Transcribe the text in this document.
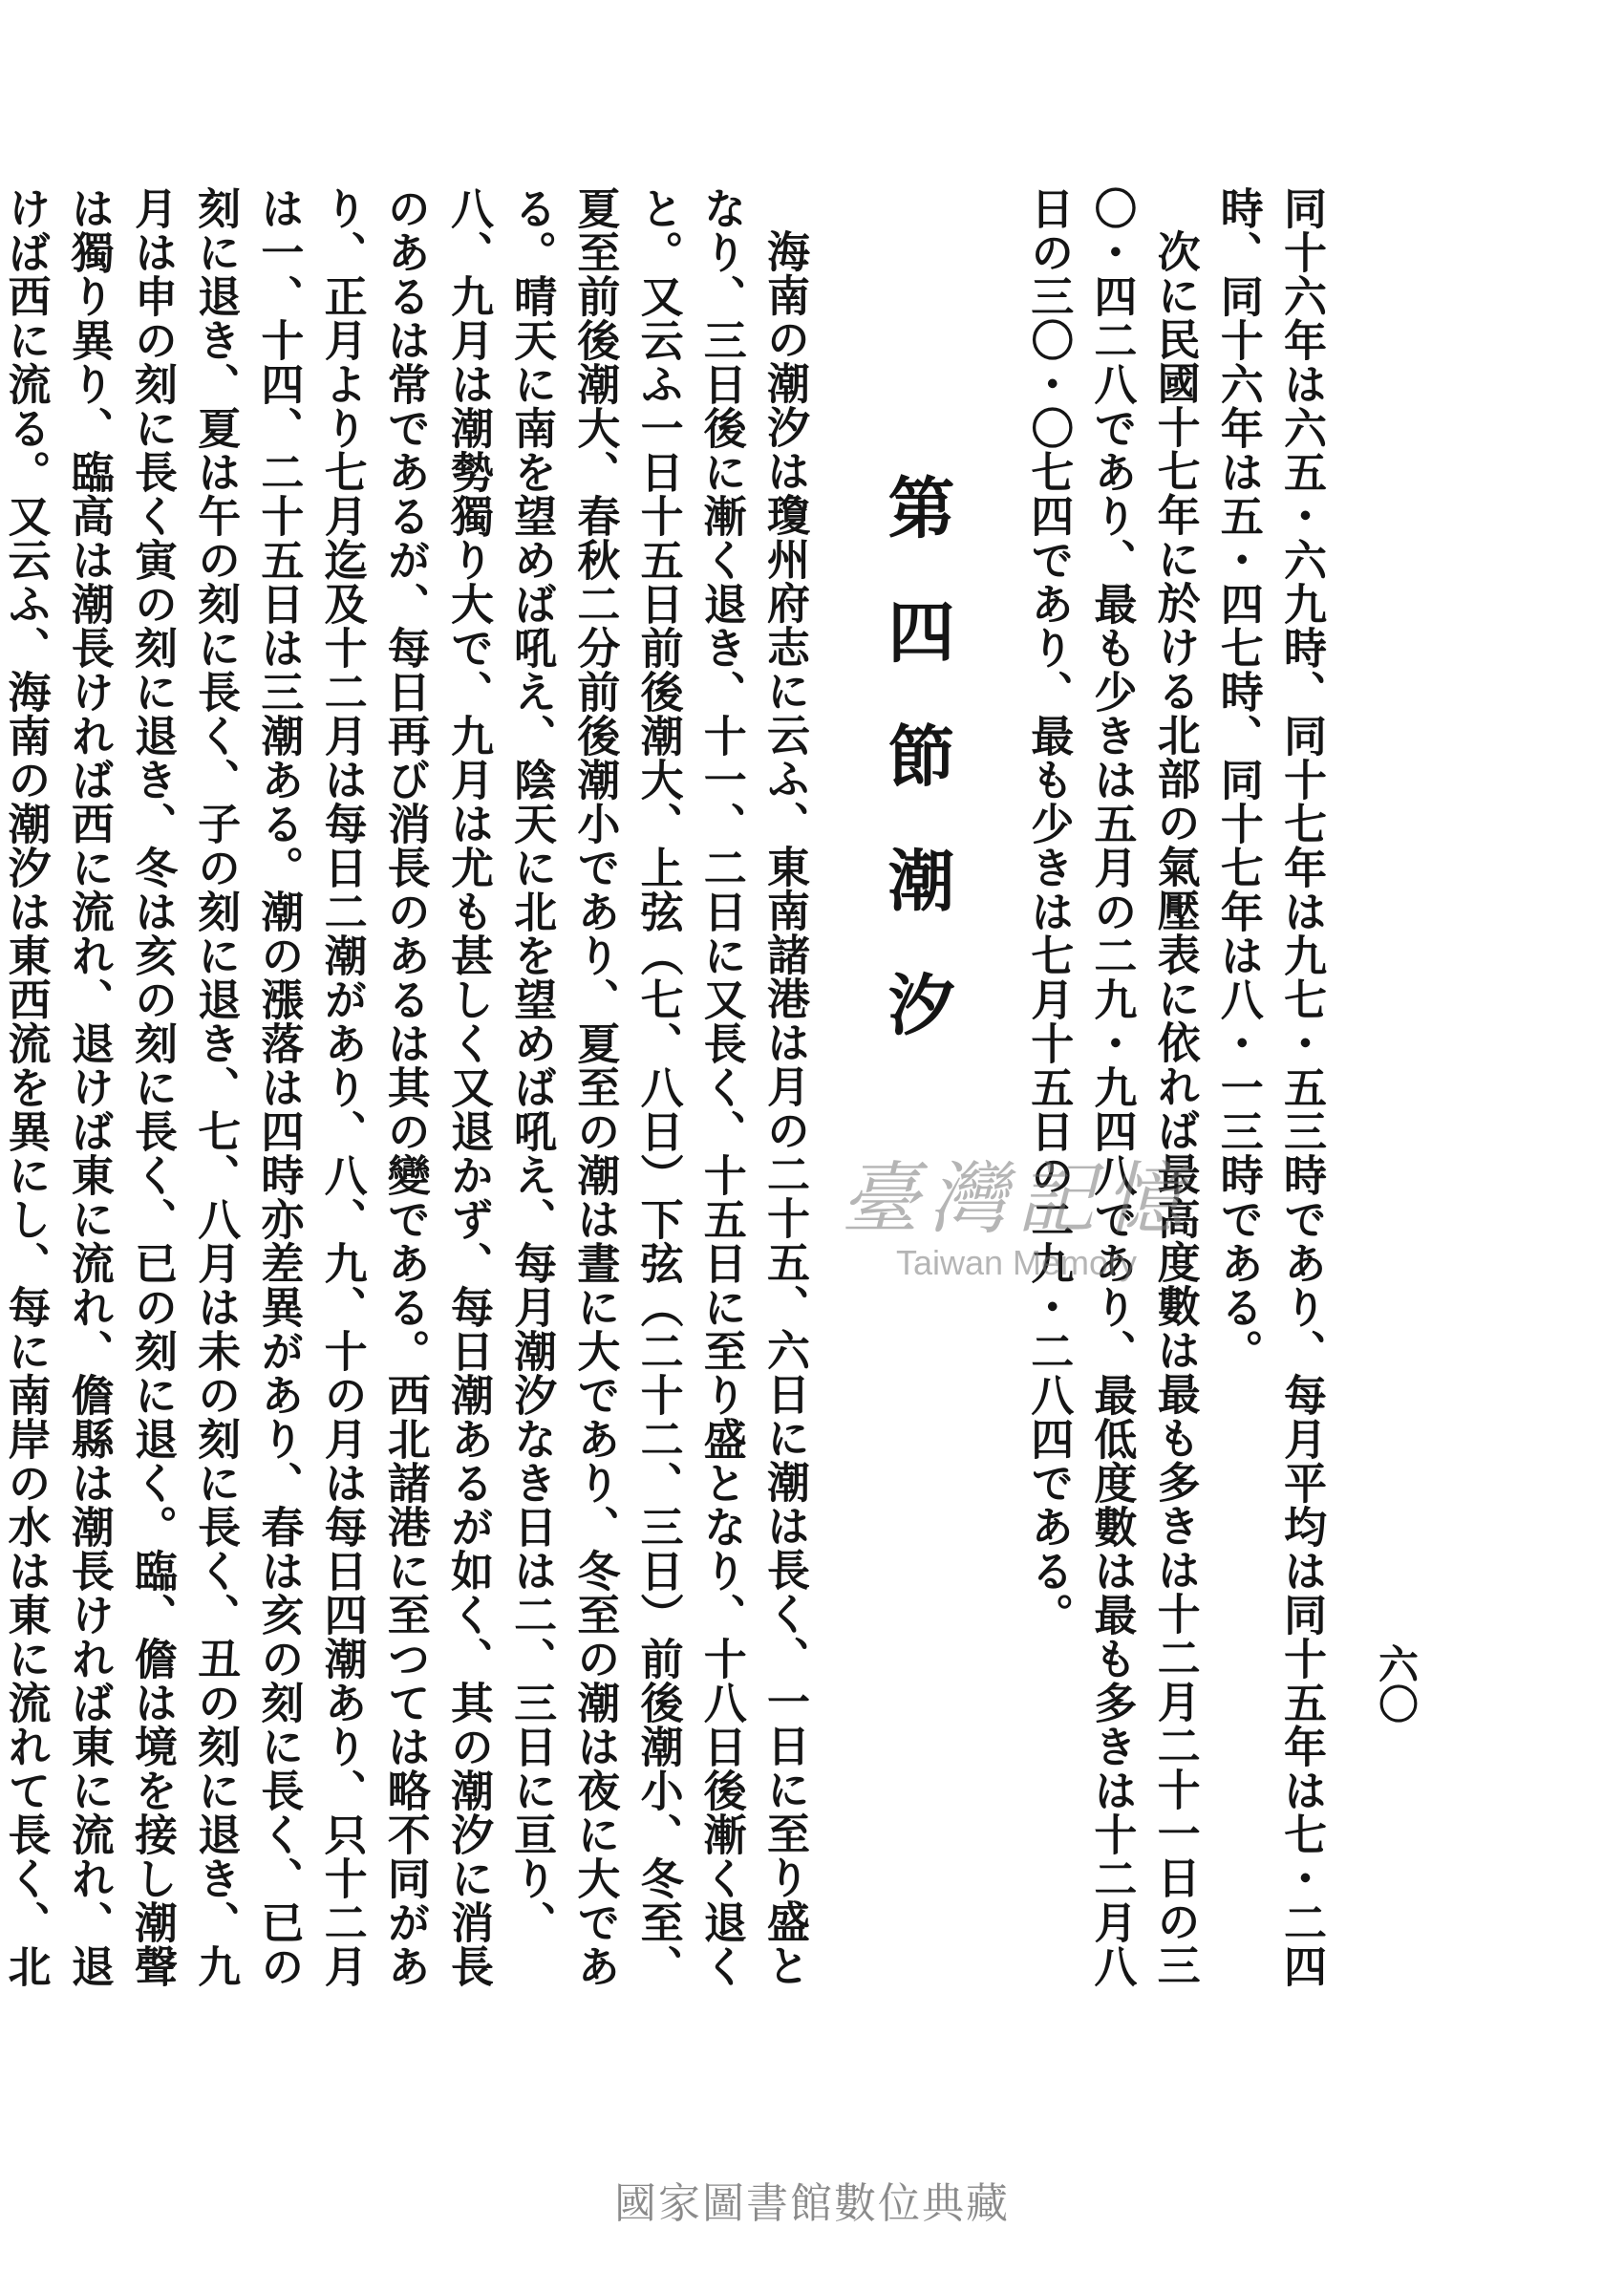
六〇

同十六年は六五・六九時、同十七年は九七・五三時であり、每月平均は同十五年は七・二四時、同十六年は五・四七時、同十七年は八・一三時である。

次に民國十七年に於ける北部の氣壓表に依れば最高度數は最も多きは十二月二十一日の三〇・四二八であり、最も少きは五月の二九・九四八であり、最低度數は最も多きは十二月八日の三〇・〇七四であり、最も少きは七月十五日の二九・二八四である。

第四節潮汐

海南の潮汐は瓊州府志に云ふ、東南諸港は月の二十五、六日に潮は長く、一日に至り盛となり、三日後に漸く退き、十一、二日に又長く、十五日に至り盛となり、十八日後漸く退くと。又云ふ一日十五日前後潮大、上弦（七、八日）下弦（二十二、三日）前後潮小、冬至、夏至前後潮大、春秋二分前後潮小であり、夏至の潮は晝に大であり、冬至の潮は夜に大である。晴天に南を望めば吼え、陰天に北を望めば吼え、每月潮汐なき日は二、三日に亘り、八、九月は潮勢獨り大で、九月は尤も甚しく又退かず、每日潮あるが如く、其の潮汐に消長のあるは常であるが、每日再び消長のあるは其の變である。西北諸港に至つては略不同があり、正月より七月迄及十二月は每日二潮があり、八、九、十の月は每日四潮あり、只十二月は一、十四、二十五日は三潮ある。潮の漲落は四時亦差異があり、春は亥の刻に長く、已の刻に退き、夏は午の刻に長く、子の刻に退き、七、八月は未の刻に長く、丑の刻に退き、九月は申の刻に長く寅の刻に退き、冬は亥の刻に長く、已の刻に退く。臨、儋は境を接し潮聲は獨り異り、臨高は潮長ければ西に流れ、退けば東に流れ、儋縣は潮長ければ東に流れ、退けば西に流る。又云ふ、海南の潮汐は東西流を異にし、每に南岸の水は東に流れて長く、北

臺灣記憶
Taiwan Memory
國家圖書館數位典藏
